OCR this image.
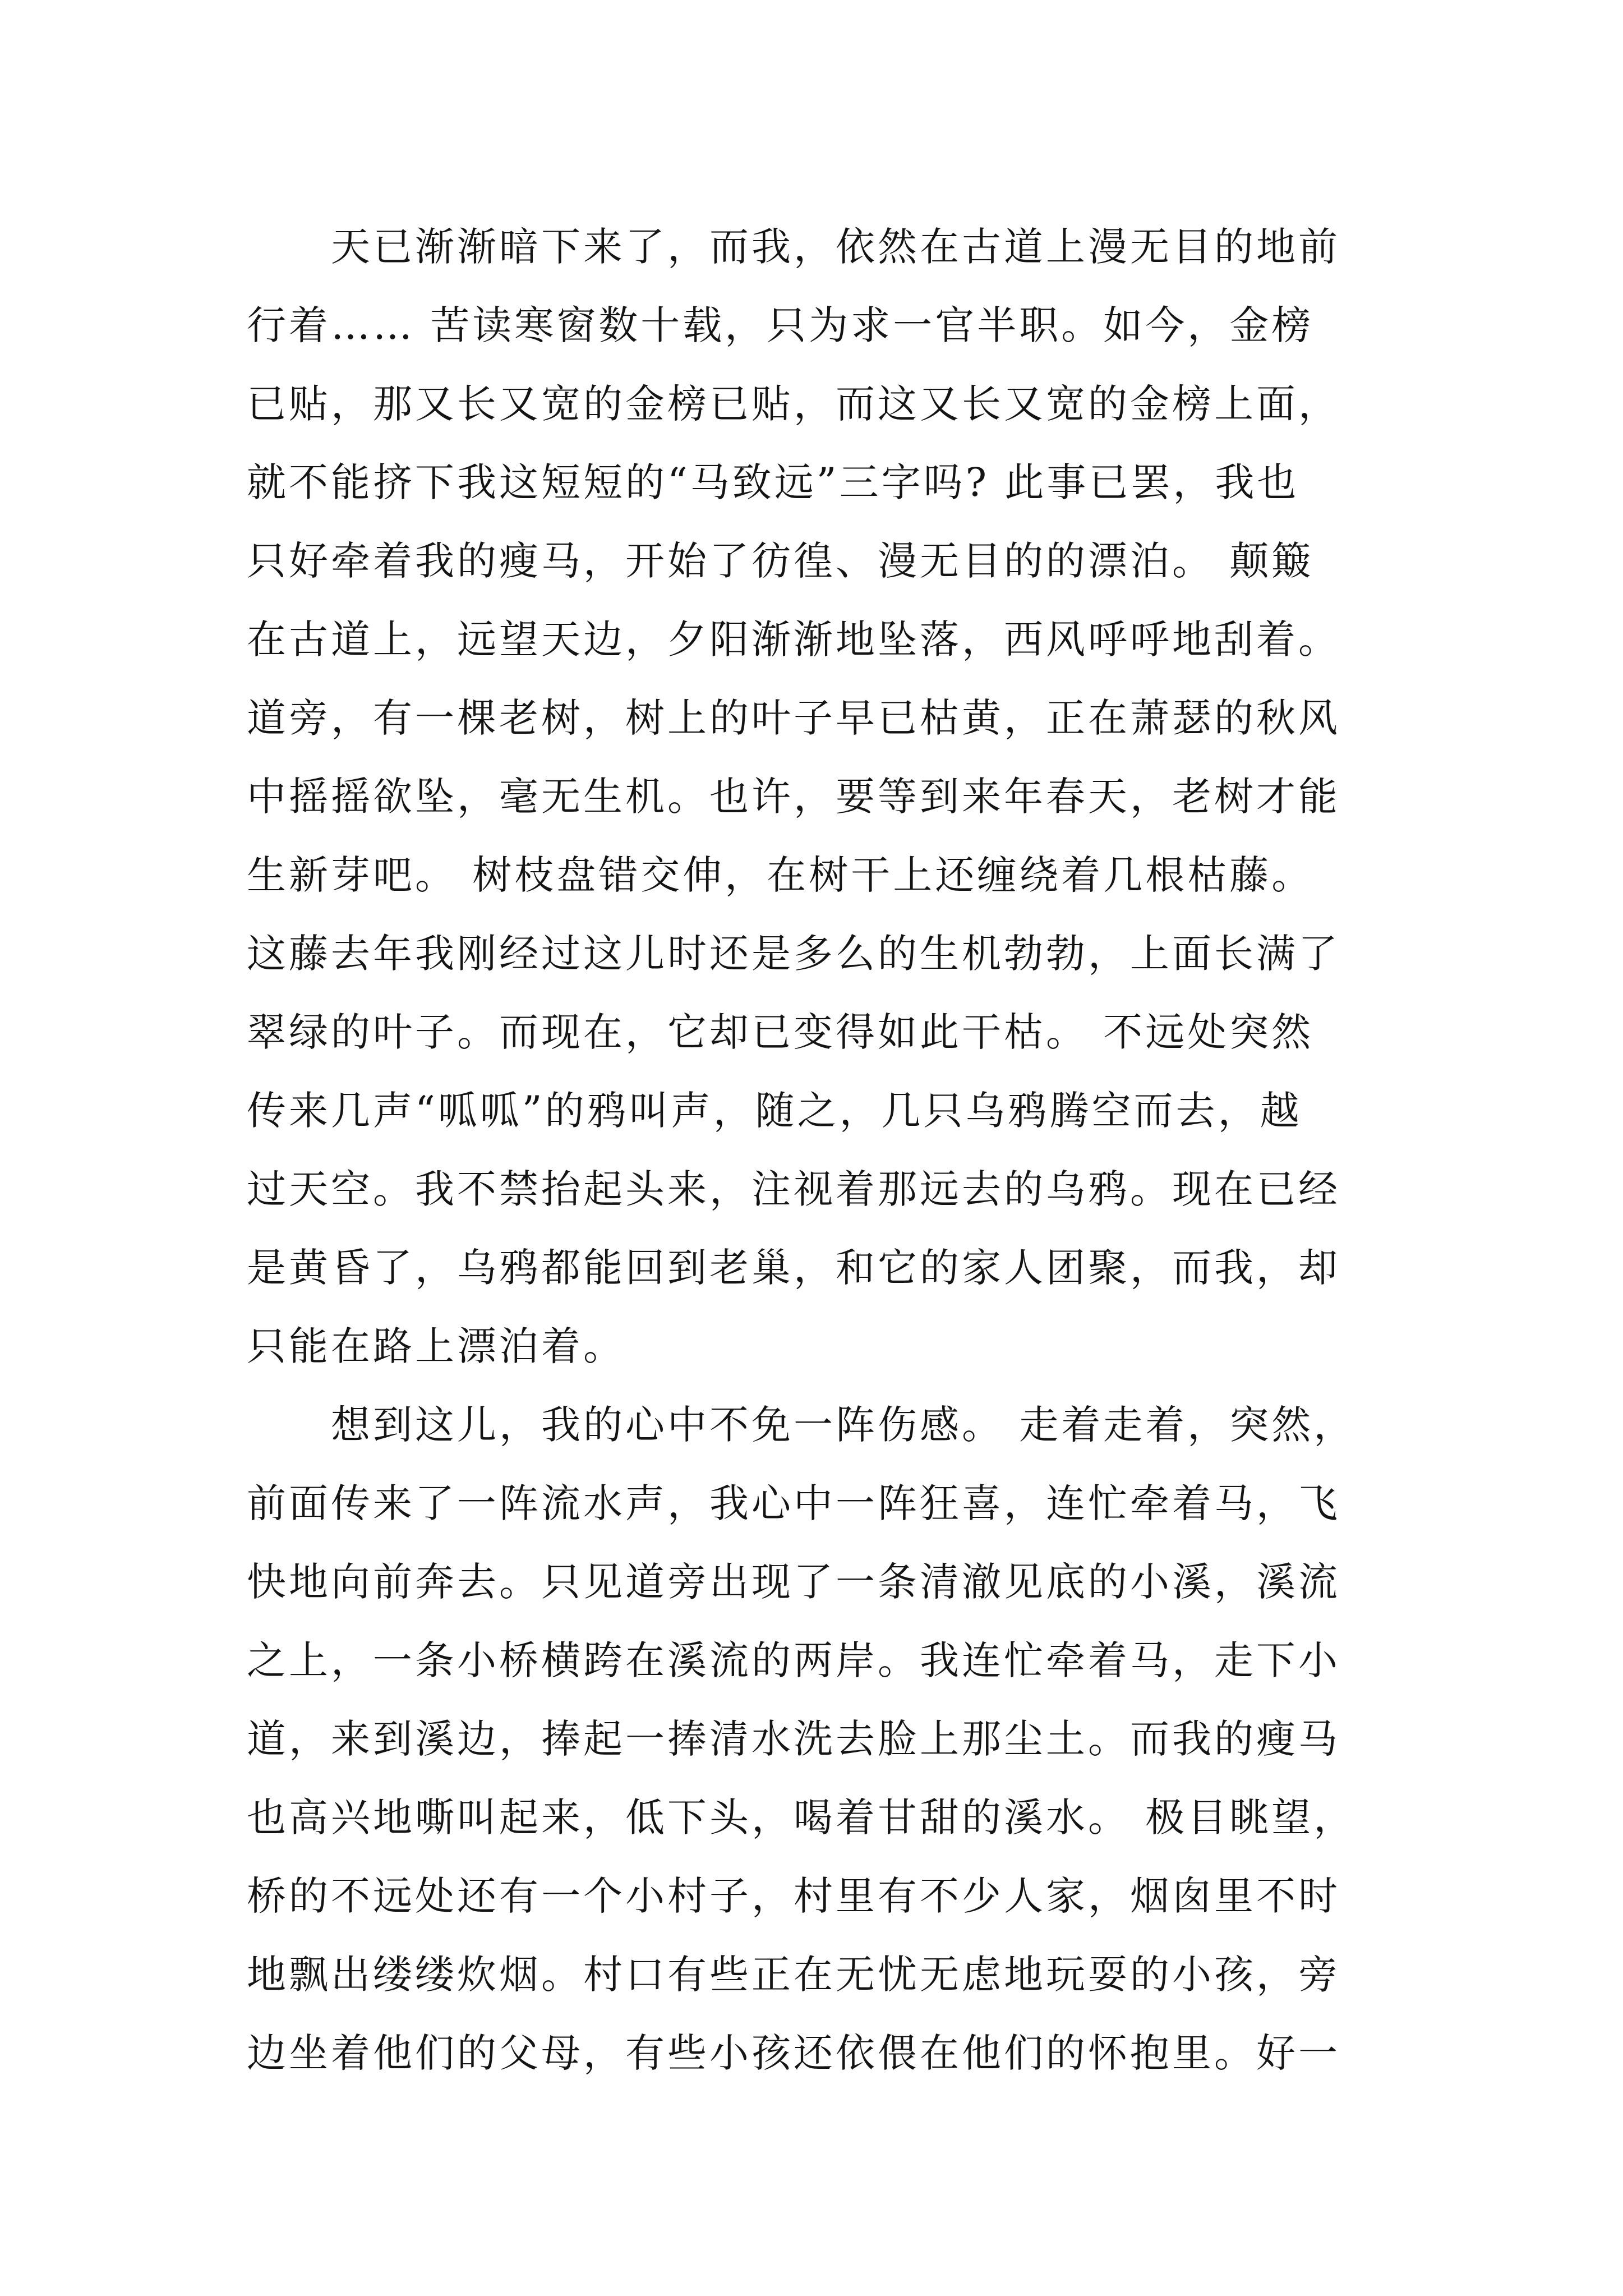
　　天已渐渐暗下来了，而我，依然在古道上漫无目的地前
行着…… 苦读寒窗数十载，只为求一官半职。如今，金榜
已贴，那又长又宽的金榜已贴，而这又长又宽的金榜上面，
就不能挤下我这短短的“马致远”三字吗? 此事已罢，我也
只好牵着我的瘦马，开始了彷徨、漫无目的的漂泊。 颠簸
在古道上，远望天边，夕阳渐渐地坠落，西风呼呼地刮着。
道旁，有一棵老树，树上的叶子早已枯黄，正在萧瑟的秋风
中摇摇欲坠，毫无生机。也许，要等到来年春天，老树才能
生新芽吧。 树枝盘错交伸，在树干上还缠绕着几根枯藤。
这藤去年我刚经过这儿时还是多么的生机勃勃，上面长满了
翠绿的叶子。而现在，它却已变得如此干枯。 不远处突然
传来几声“呱呱”的鸦叫声，随之，几只乌鸦腾空而去，越
过天空。我不禁抬起头来，注视着那远去的乌鸦。现在已经
是黄昏了，乌鸦都能回到老巢，和它的家人团聚，而我，却
只能在路上漂泊着。
　　想到这儿，我的心中不免一阵伤感。 走着走着，突然，
前面传来了一阵流水声，我心中一阵狂喜，连忙牵着马，飞
快地向前奔去。只见道旁出现了一条清澈见底的小溪，溪流
之上，一条小桥横跨在溪流的两岸。我连忙牵着马，走下小
道，来到溪边，捧起一捧清水洗去脸上那尘土。而我的瘦马
也高兴地嘶叫起来，低下头，喝着甘甜的溪水。 极目眺望，
桥的不远处还有一个小村子，村里有不少人家，烟囱里不时
地飘出缕缕炊烟。村口有些正在无忧无虑地玩耍的小孩，旁
边坐着他们的父母，有些小孩还依偎在他们的怀抱里。好一
